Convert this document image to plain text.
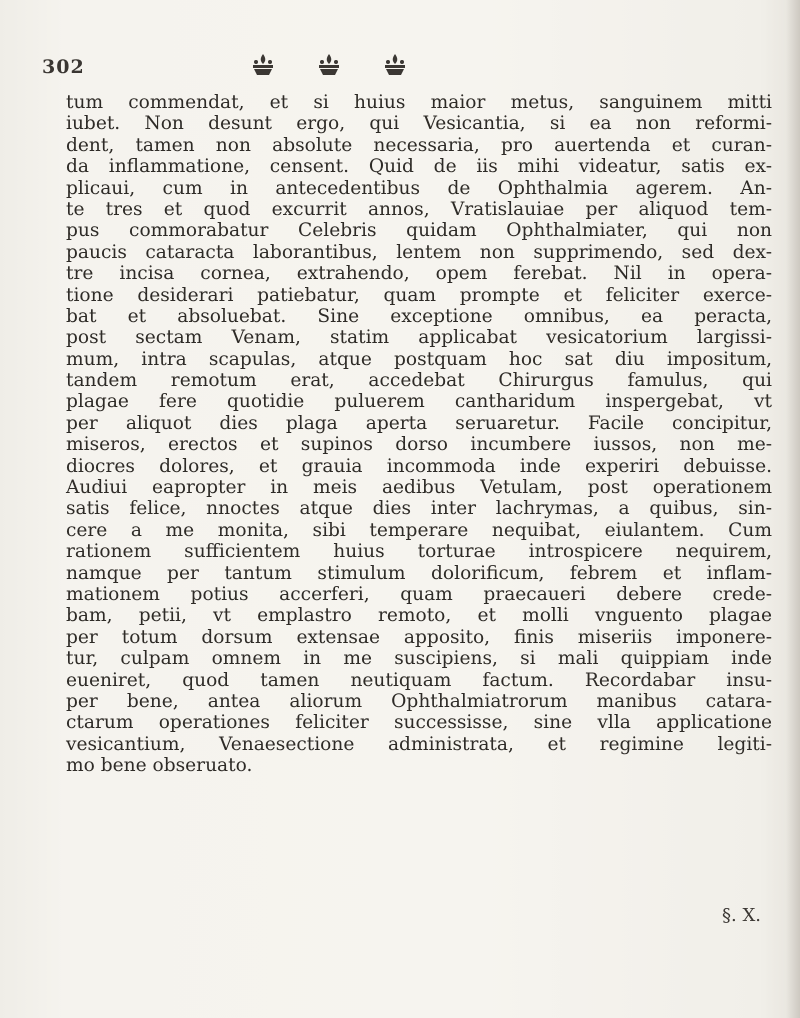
302
tum commendat, et si huius maior metus, sanguinem mitti
iubet. Non desunt ergo, qui Vesicantia, si ea non reformi-
dent, tamen non absolute necessaria, pro auertenda et curan-
da inflammatione, censent. Quid de iis mihi videatur, satis ex-
plicaui, cum in antecedentibus de Ophthalmia agerem. An-
te tres et quod excurrit annos, Vratislauiae per aliquod tem-
pus commorabatur Celebris quidam Ophthalmiater, qui non
paucis cataracta laborantibus, lentem non supprimendo, sed dex-
tre incisa cornea, extrahendo, opem ferebat. Nil in opera-
tione desiderari patiebatur, quam prompte et feliciter exerce-
bat et absoluebat. Sine exceptione omnibus, ea peracta,
post sectam Venam, statim applicabat vesicatorium largissi-
mum, intra scapulas, atque postquam hoc sat diu impositum,
tandem remotum erat, accedebat Chirurgus famulus, qui
plagae fere quotidie puluerem cantharidum inspergebat, vt
per aliquot dies plaga aperta seruaretur. Facile concipitur,
miseros, erectos et supinos dorso incumbere iussos, non me-
diocres dolores, et grauia incommoda inde experiri debuisse.
Audiui eapropter in meis aedibus Vetulam, post operationem
satis felice, nnoctes atque dies inter lachrymas, a quibus, sin-
cere a me monita, sibi temperare nequibat, eiulantem. Cum
rationem sufficientem huius torturae introspicere nequirem,
namque per tantum stimulum dolorificum, febrem et inflam-
mationem potius accerferi, quam praecaueri debere crede-
bam, petii, vt emplastro remoto, et molli vnguento plagae
per totum dorsum extensae apposito, finis miseriis imponere-
tur, culpam omnem in me suscipiens, si mali quippiam inde
eueniret, quod tamen neutiquam factum. Recordabar insu-
per bene, antea aliorum Ophthalmiatrorum manibus catara-
ctarum operationes feliciter successisse, sine vlla applicatione
vesicantium, Venaesectione administrata, et regimine legiti-
mo bene obseruato.
§. X.
